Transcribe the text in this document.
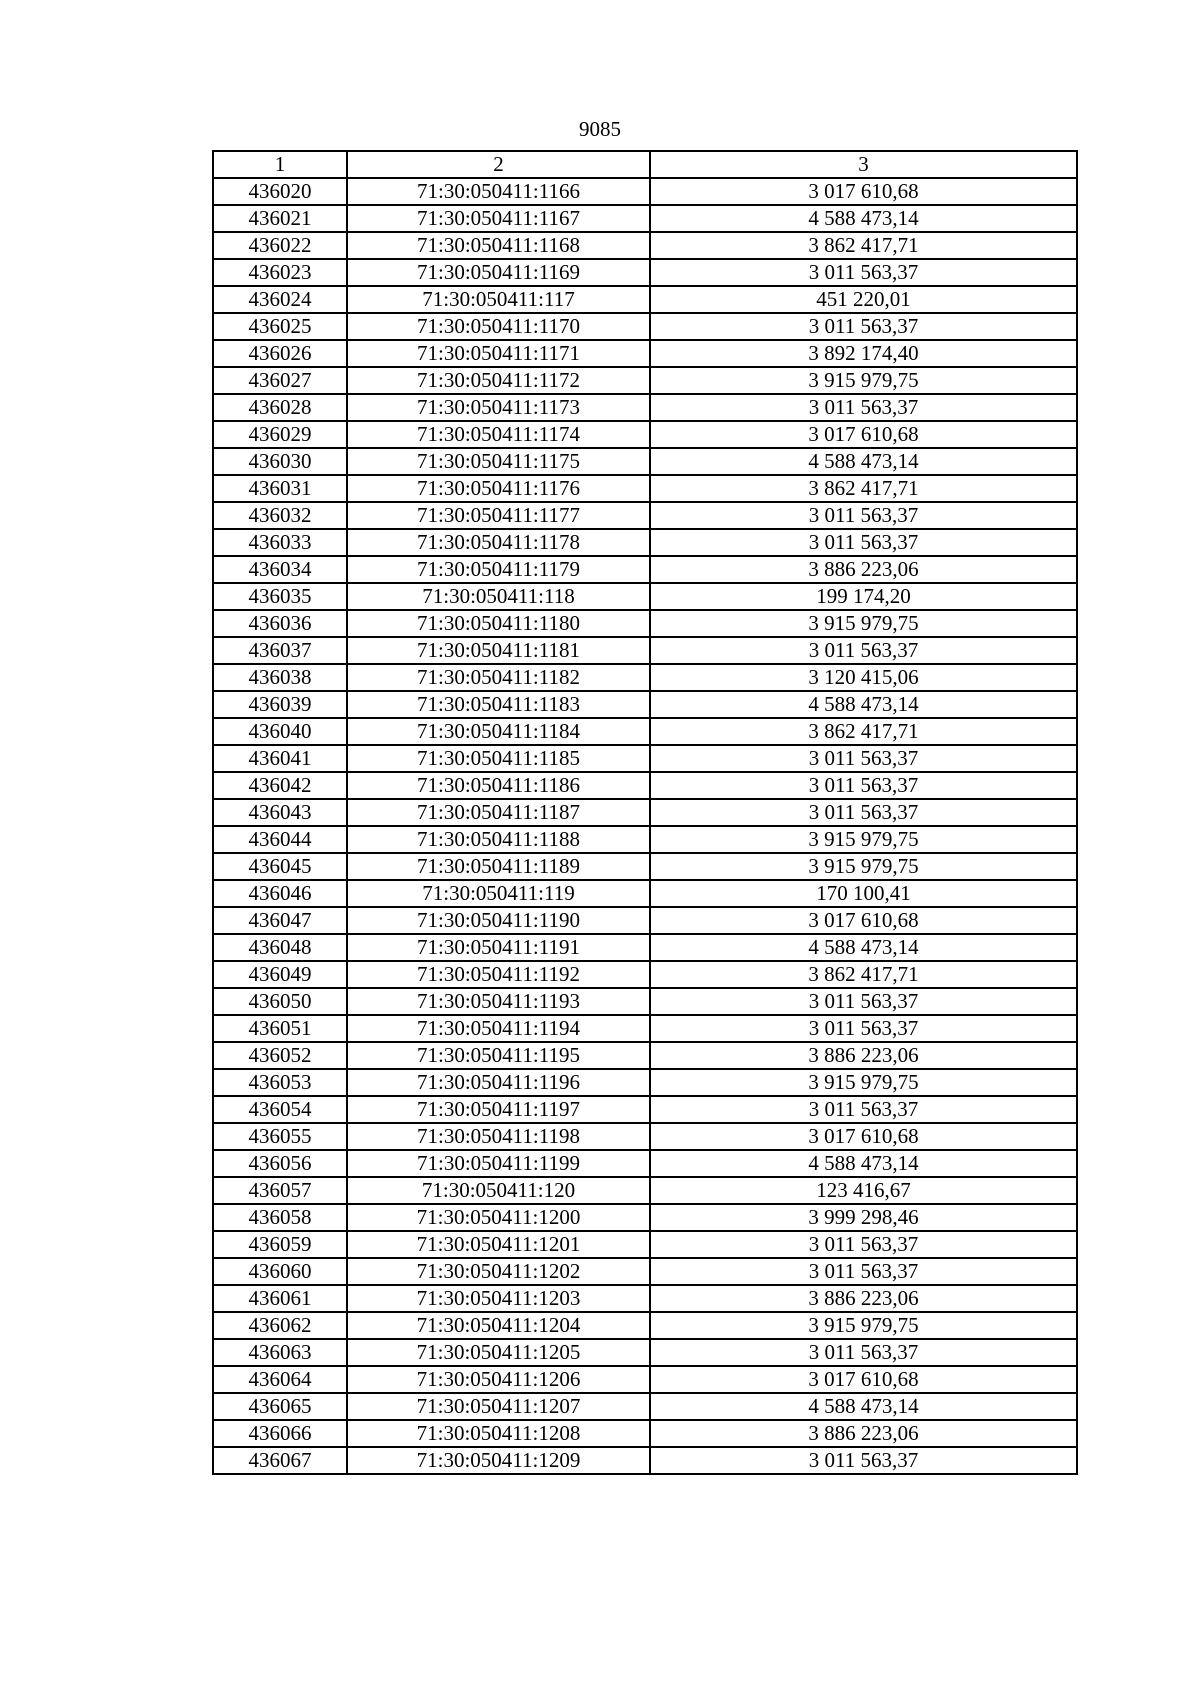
9085
1	2	3
436020	71:30:050411:1166	3 017 610,68
436021	71:30:050411:1167	4 588 473,14
436022	71:30:050411:1168	3 862 417,71
436023	71:30:050411:1169	3 011 563,37
436024	71:30:050411:117	451 220,01
436025	71:30:050411:1170	3 011 563,37
436026	71:30:050411:1171	3 892 174,40
436027	71:30:050411:1172	3 915 979,75
436028	71:30:050411:1173	3 011 563,37
436029	71:30:050411:1174	3 017 610,68
436030	71:30:050411:1175	4 588 473,14
436031	71:30:050411:1176	3 862 417,71
436032	71:30:050411:1177	3 011 563,37
436033	71:30:050411:1178	3 011 563,37
436034	71:30:050411:1179	3 886 223,06
436035	71:30:050411:118	199 174,20
436036	71:30:050411:1180	3 915 979,75
436037	71:30:050411:1181	3 011 563,37
436038	71:30:050411:1182	3 120 415,06
436039	71:30:050411:1183	4 588 473,14
436040	71:30:050411:1184	3 862 417,71
436041	71:30:050411:1185	3 011 563,37
436042	71:30:050411:1186	3 011 563,37
436043	71:30:050411:1187	3 011 563,37
436044	71:30:050411:1188	3 915 979,75
436045	71:30:050411:1189	3 915 979,75
436046	71:30:050411:119	170 100,41
436047	71:30:050411:1190	3 017 610,68
436048	71:30:050411:1191	4 588 473,14
436049	71:30:050411:1192	3 862 417,71
436050	71:30:050411:1193	3 011 563,37
436051	71:30:050411:1194	3 011 563,37
436052	71:30:050411:1195	3 886 223,06
436053	71:30:050411:1196	3 915 979,75
436054	71:30:050411:1197	3 011 563,37
436055	71:30:050411:1198	3 017 610,68
436056	71:30:050411:1199	4 588 473,14
436057	71:30:050411:120	123 416,67
436058	71:30:050411:1200	3 999 298,46
436059	71:30:050411:1201	3 011 563,37
436060	71:30:050411:1202	3 011 563,37
436061	71:30:050411:1203	3 886 223,06
436062	71:30:050411:1204	3 915 979,75
436063	71:30:050411:1205	3 011 563,37
436064	71:30:050411:1206	3 017 610,68
436065	71:30:050411:1207	4 588 473,14
436066	71:30:050411:1208	3 886 223,06
436067	71:30:050411:1209	3 011 563,37
